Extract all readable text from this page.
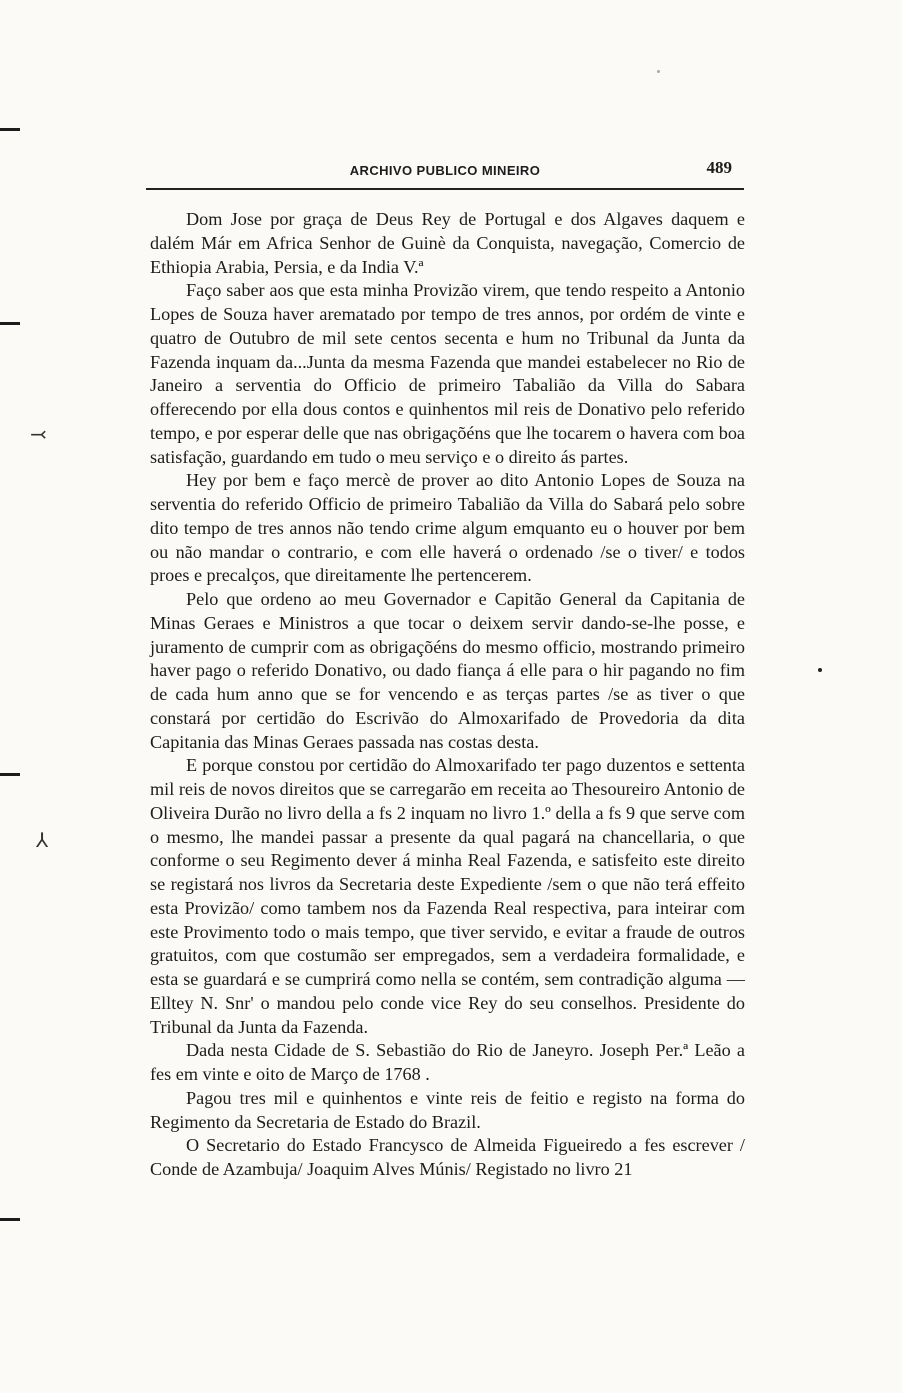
ARCHIVO PUBLICO MINEIRO	489

Dom Jose por graça de Deus Rey de Portugal e dos Algaves daquem e dalém Már em Africa Senhor de Guinè da Conquista, navegação, Comercio de Ethiopia Arabia, Persia, e da India V.ª

Faço saber aos que esta minha Provizão virem, que tendo respeito a Antonio Lopes de Souza haver arematado por tempo de tres annos, por ordém de vinte e quatro de Outubro de mil sete centos secenta e hum no Tribunal da Junta da Fazenda inquam da...Junta da mesma Fazenda que mandei estabelecer no Rio de Janeiro a serventia do Officio de primeiro Tabalião da Villa do Sabara offerecendo por ella dous contos e quinhentos mil reis de Donativo pelo referido tempo, e por esperar delle que nas obrigaçõéns que lhe tocarem o havera com boa satisfação, guardando em tudo o meu serviço e o direito ás partes.

Hey por bem e faço mercè de prover ao dito Antonio Lopes de Souza na serventia do referido Officio de primeiro Tabalião da Villa do Sabará pelo sobre dito tempo de tres annos não tendo crime algum emquanto eu o houver por bem ou não mandar o contrario, e com elle haverá o ordenado /se o tiver/ e todos proes e precalços, que direitamente lhe pertencerem.

Pelo que ordeno ao meu Governador e Capitão General da Capitania de Minas Geraes e Ministros a que tocar o deixem servir dando-se-lhe posse, e juramento de cumprir com as obrigaçõéns do mesmo officio, mostrando primeiro haver pago o referido Donativo, ou dado fiança á elle para o hir pagando no fim de cada hum anno que se for vencendo e as terças partes /se as tiver o que constará por certidão do Escrivão do Almoxarifado de Provedoria da dita Capitania das Minas Geraes passada nas costas desta.

E porque constou por certidão do Almoxarifado ter pago duzentos e settenta mil reis de novos direitos que se carregarão em receita ao Thesoureiro Antonio de Oliveira Durão no livro della a fs 2 inquam no livro 1.º della a fs 9 que serve com o mesmo, lhe mandei passar a presente da qual pagará na chancellaria, o que conforme o seu Regimento dever á minha Real Fazenda, e satisfeito este direito se registará nos livros da Secretaria deste Expediente /sem o que não terá effeito esta Provizão/ como tambem nos da Fazenda Real respectiva, para inteirar com este Provimento todo o mais tempo, que tiver servido, e evitar a fraude de outros gratuitos, com que costumão ser empregados, sem a verdadeira formalidade, e esta se guardará e se cumprirá como nella se contém, sem contradição alguma — Elltey N. Snr' o mandou pelo conde vice Rey do seu conselhos. Presidente do Tribunal da Junta da Fazenda.

Dada nesta Cidade de S. Sebastião do Rio de Janeyro. Joseph Per.ª Leão a fes em vinte e oito de Março de 1768 .

Pagou tres mil e quinhentos e vinte reis de feitio e registo na forma do Regimento da Secretaria de Estado do Brazil.

O Secretario do Estado Francysco de Almeida Figueiredo a fes escrever / Conde de Azambuja/ Joaquim Alves Múnis/ Registado no livro 21

⤙
⅄
